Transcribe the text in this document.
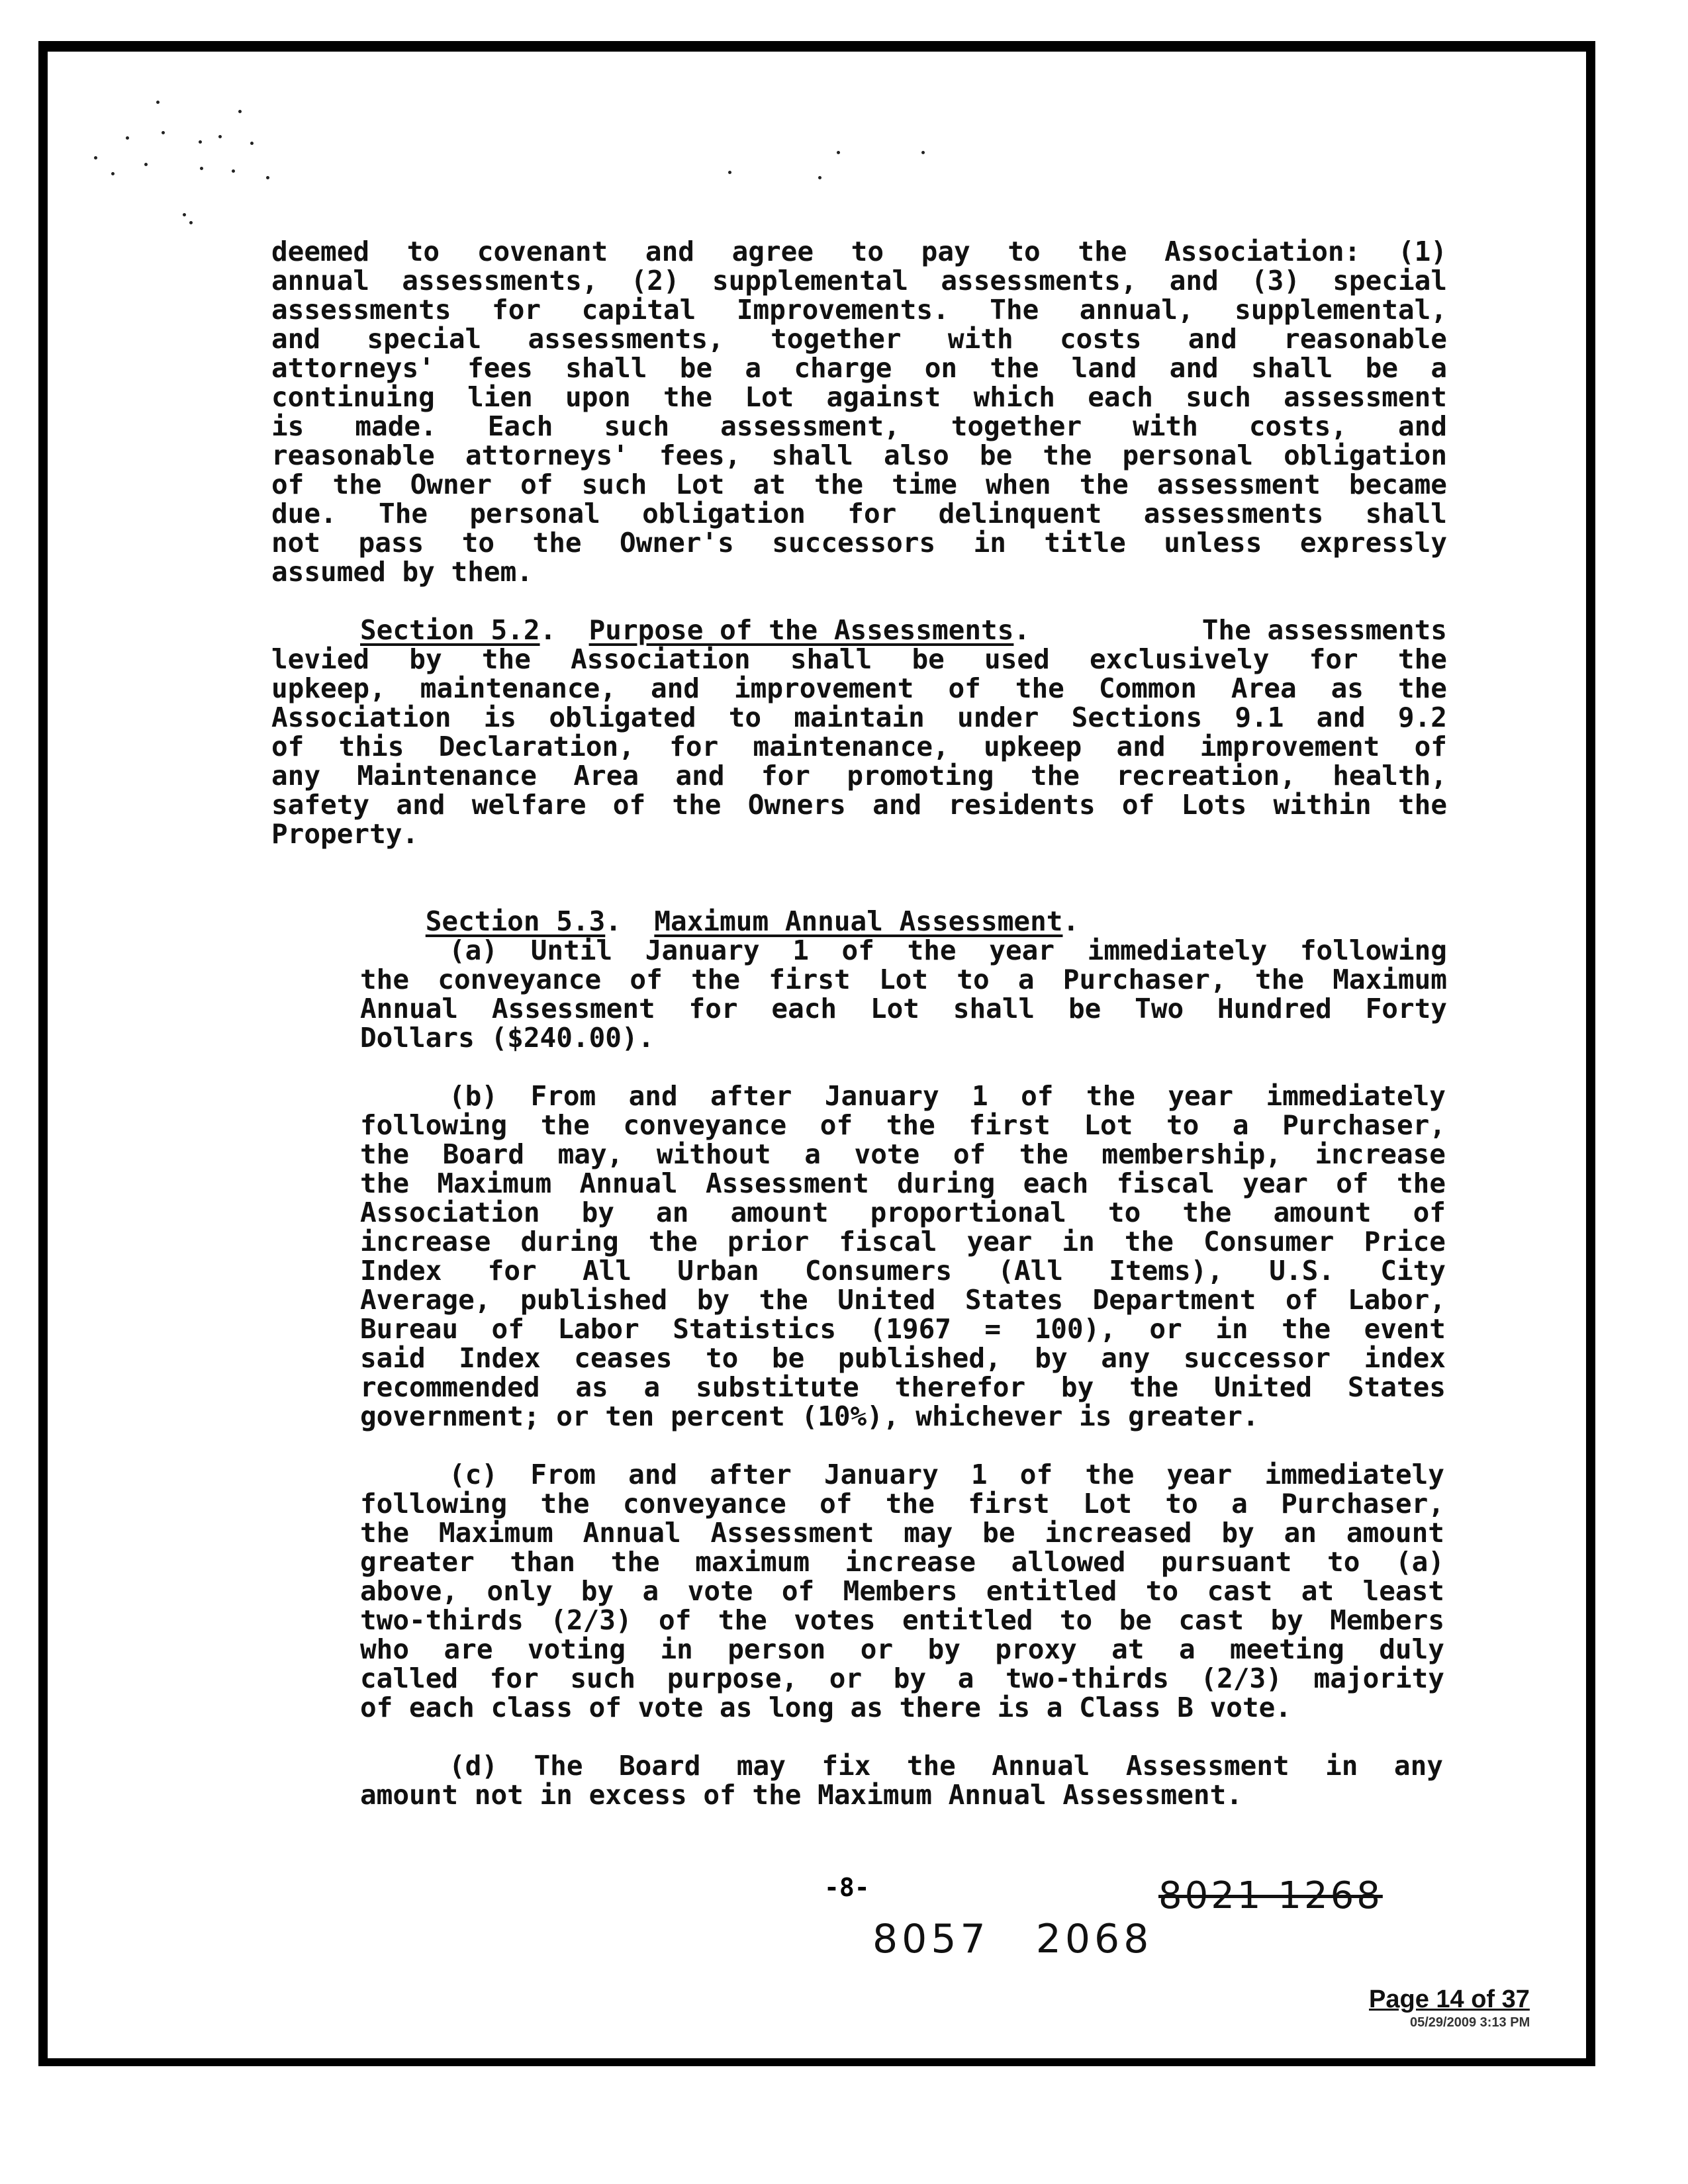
deemed to covenant and agree to pay to the Association: (1)
annual assessments, (2) supplemental assessments, and (3) special
assessments for capital Improvements. The annual, supplemental,
and special assessments, together with costs and reasonable
attorneys' fees shall be a charge on the land and shall be a
continuing lien upon the Lot against which each such assessment
is made. Each such assessment, together with costs, and
reasonable attorneys' fees, shall also be the personal obligation
of the Owner of such Lot at the time when the assessment became
due. The personal obligation for delinquent assessments shall
not pass to the Owner's successors in title unless expressly
assumed by them.
Section 5.2.  Purpose of the Assessments.	The assessments
levied by the Association shall be used exclusively for the
upkeep, maintenance, and improvement of the Common Area as the
Association is obligated to maintain under Sections 9.1 and 9.2
of this Declaration, for maintenance, upkeep and improvement of
any Maintenance Area and for promoting the recreation, health,
safety and welfare of the Owners and residents of Lots within the
Property.

Section 5.3.  Maximum Annual Assessment.

(a) Until January 1 of the year immediately following
the conveyance of the first Lot to a Purchaser, the Maximum
Annual Assessment for each Lot shall be Two Hundred Forty
Dollars ($240.00).
(b) From and after January 1 of the year immediately
following the conveyance of the first Lot to a Purchaser,
the Board may, without a vote of the membership, increase
the Maximum Annual Assessment during each fiscal year of the
Association by an amount proportional to the amount of
increase during the prior fiscal year in the Consumer Price
Index for All Urban Consumers (All Items), U.S. City
Average, published by the United States Department of Labor,
Bureau of Labor Statistics (1967 = 100), or in the event
said Index ceases to be published, by any successor index
recommended as a substitute therefor by the United States
government; or ten percent (10%), whichever is greater.
(c) From and after January 1 of the year immediately
following the conveyance of the first Lot to a Purchaser,
the Maximum Annual Assessment may be increased by an amount
greater than the maximum increase allowed pursuant to (a)
above, only by a vote of Members entitled to cast at least
two-thirds (2/3) of the votes entitled to be cast by Members
who are voting in person or by proxy at a meeting duly
called for such purpose, or by a two-thirds (2/3) majority
of each class of vote as long as there is a Class B vote.
(d) The Board may fix the Annual Assessment in any
amount not in excess of the Maximum Annual Assessment.
-8-	8021 1268
8057 2068
Page 14 of 37
05/29/2009 3:13 PM
